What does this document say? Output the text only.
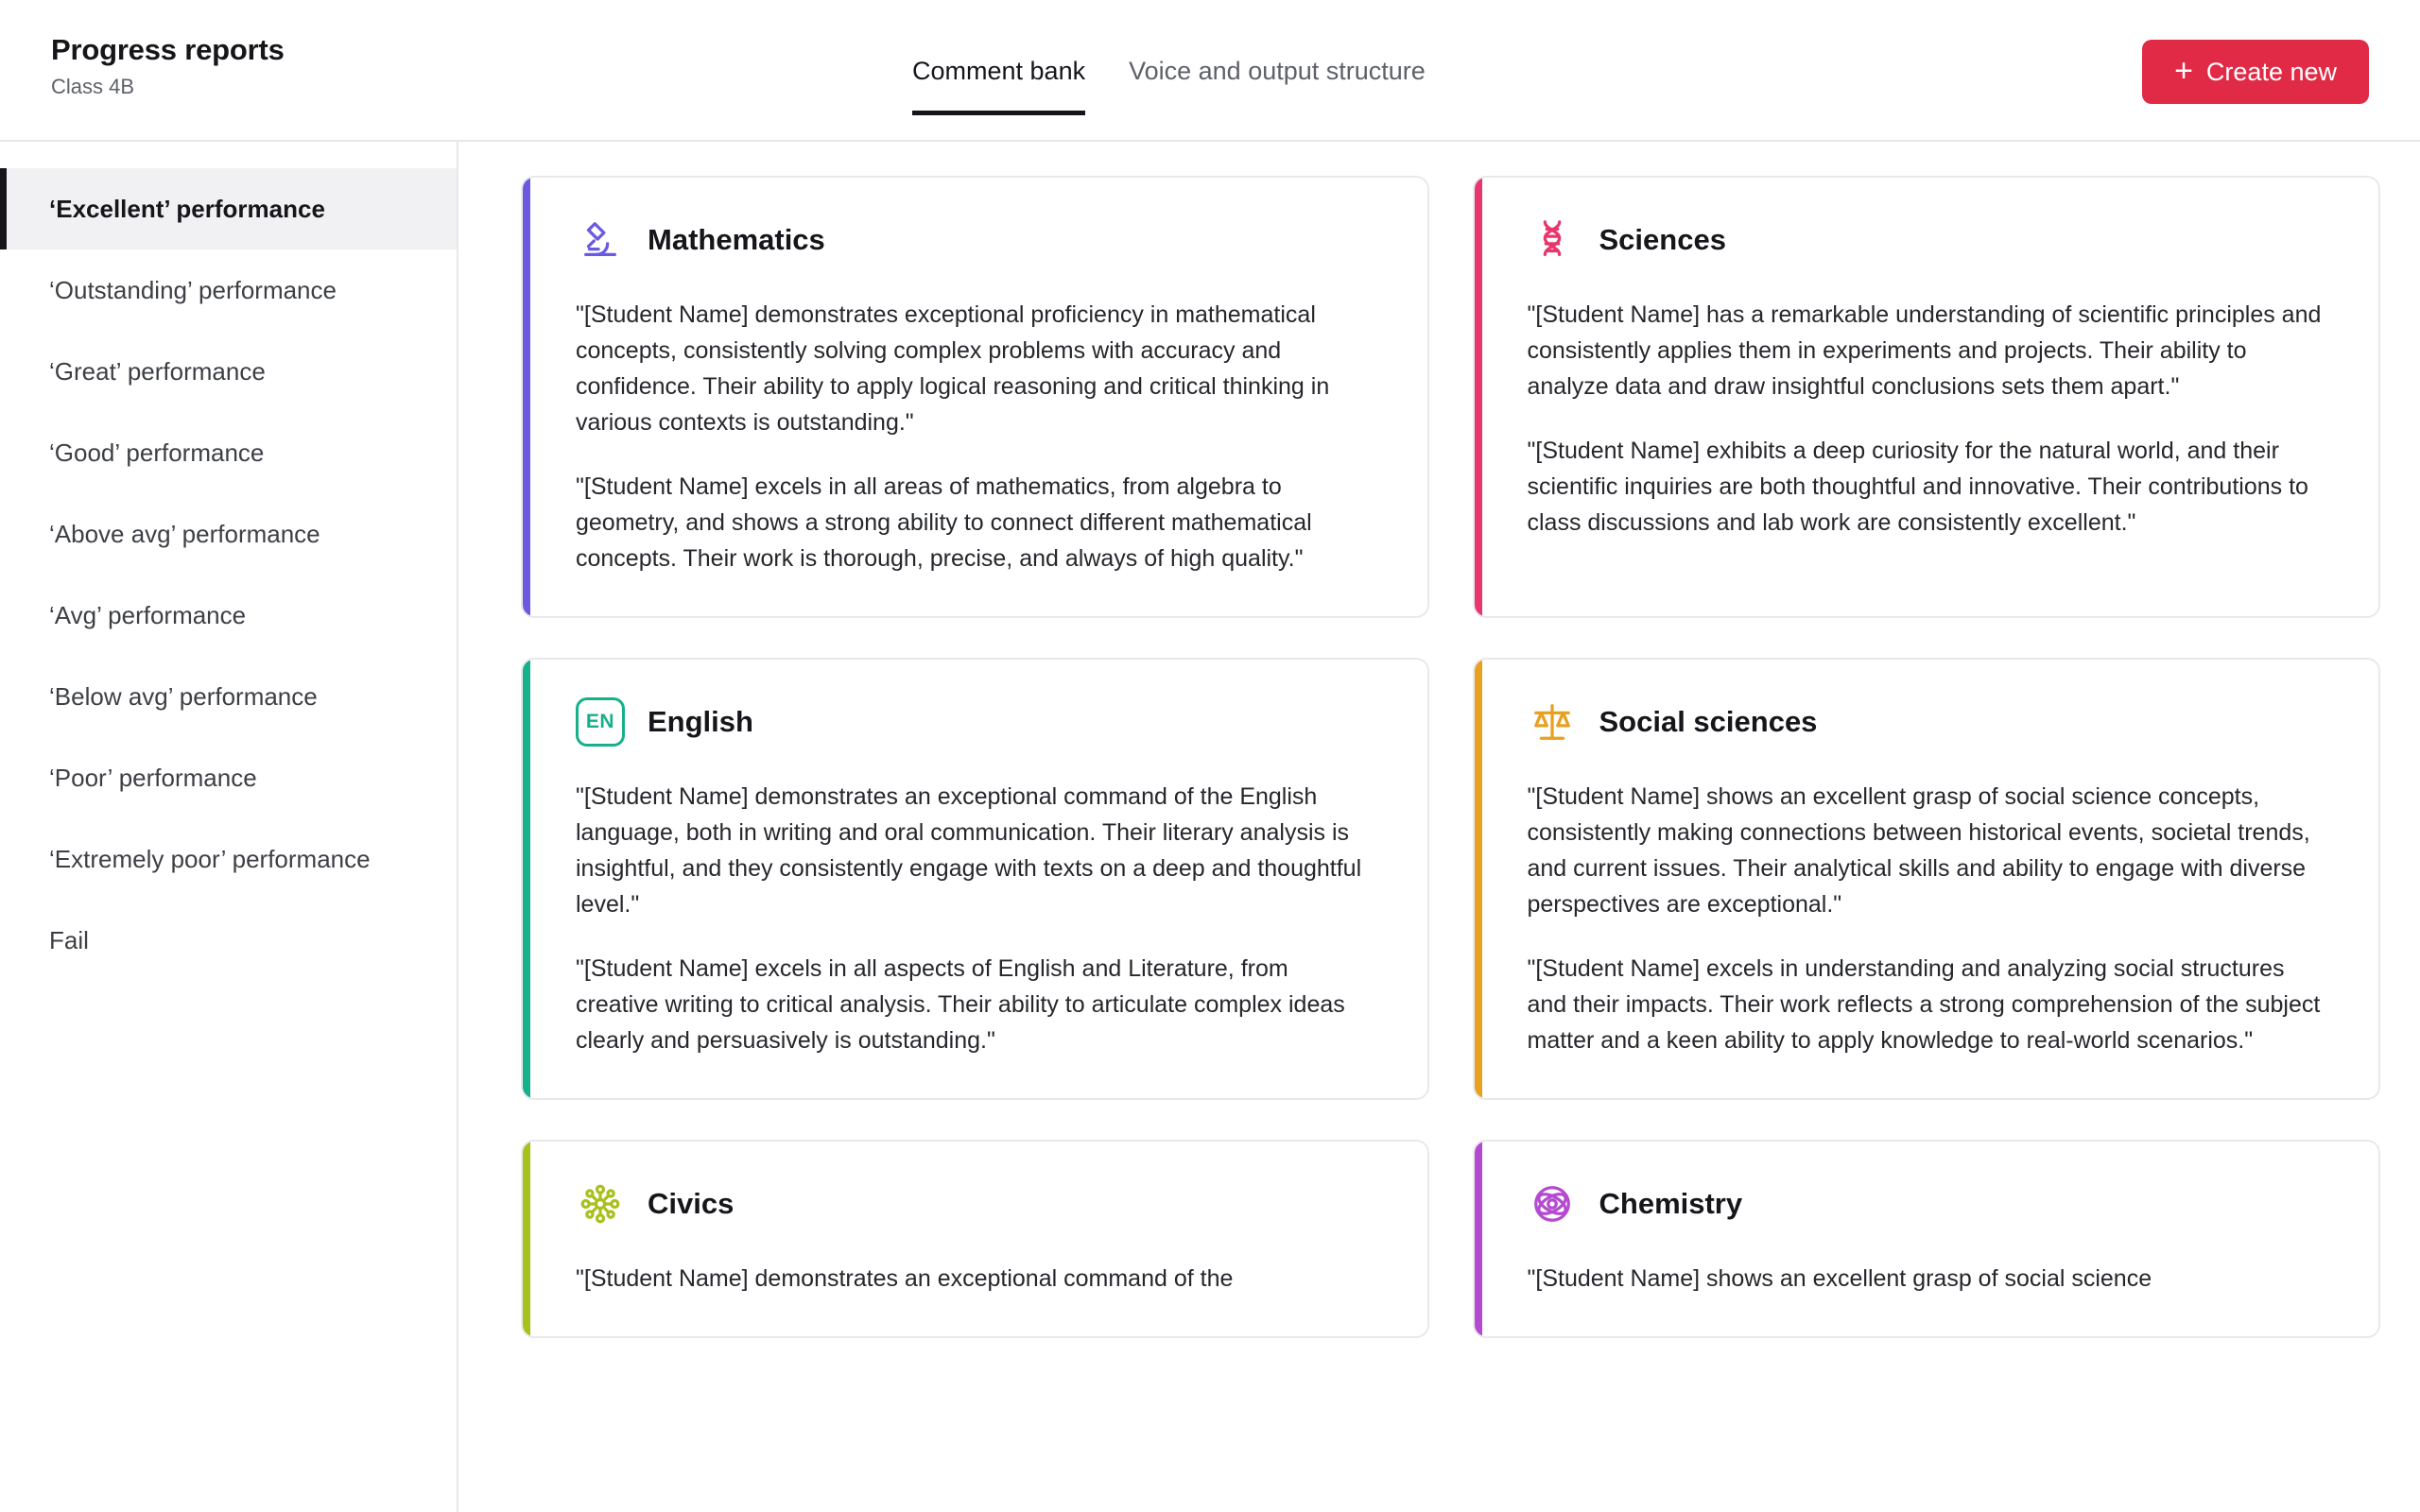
Progress reports
Class 4B
Comment bank Voice and output structure	+ Create new
‘Excellent’ performance
‘Outstanding’ performance
‘Great’ performance
‘Good’ performance
‘Above avg’ performance
‘Avg’ performance
‘Below avg’ performance
‘Poor’ performance
‘Extremely poor’ performance
Fail
Mathematics

"[Student Name] demonstrates exceptional proficiency in mathematical concepts, consistently solving complex problems with accuracy and confidence. Their ability to apply logical reasoning and critical thinking in various contexts is outstanding."

"[Student Name] excels in all areas of mathematics, from algebra to geometry, and shows a strong ability to connect different mathematical concepts. Their work is thorough, precise, and always of high quality."

Sciences

"[Student Name] has a remarkable understanding of scientific principles and consistently applies them in experiments and projects. Their ability to analyze data and draw insightful conclusions sets them apart."

"[Student Name] exhibits a deep curiosity for the natural world, and their scientific inquiries are both thoughtful and innovative. Their contributions to class discussions and lab work are consistently excellent."

EN	English

"[Student Name] demonstrates an exceptional command of the English language, both in writing and oral communication. Their literary analysis is insightful, and they consistently engage with texts on a deep and thoughtful level."

"[Student Name] excels in all aspects of English and Literature, from creative writing to critical analysis. Their ability to articulate complex ideas clearly and persuasively is outstanding."

Social sciences

"[Student Name] shows an excellent grasp of social science concepts, consistently making connections between historical events, societal trends, and current issues. Their analytical skills and ability to engage with diverse perspectives are exceptional."

"[Student Name] excels in understanding and analyzing social structures and their impacts. Their work reflects a strong comprehension of the subject matter and a keen ability to apply knowledge to real-world scenarios."

Civics

"[Student Name] demonstrates an exceptional command of the

Chemistry

"[Student Name] shows an excellent grasp of social science
